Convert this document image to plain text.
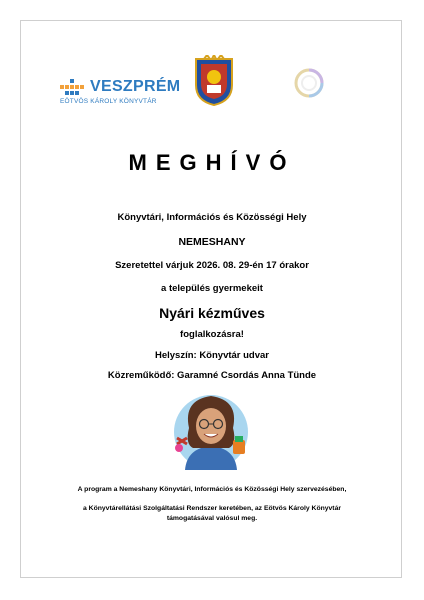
VESZPRÉM
EÖTVÖS KÁROLY KÖNYVTÁR
MEGHÍVÓ
Könyvtári, Információs és Közösségi Hely
NEMESHANY
Szeretettel várjuk 2026. 08. 29-én 17 órakor
a település gyermekeit
Nyári kézműves
foglalkozásra!
Helyszín: Könyvtár udvar
Közreműködő: Garamné Csordás Anna Tünde
A program a Nemeshany Könyvtári, Információs és Közösségi Hely szervezésében,
a Könyvtárellátási Szolgáltatási Rendszer keretében, az Eötvös Károly Könyvtár
támogatásával valósul meg.
